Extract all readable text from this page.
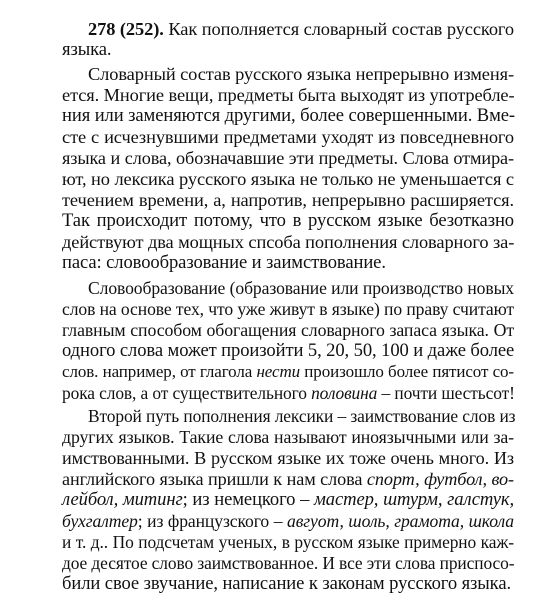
278 (252). Как пополняется словарный состав русского
языка.
Словарный состав русского языка непрерывно изменя-
ется. Многие вещи, предметы быта выходят из употребле-
ния или заменяются другими, более совершенными. Вме-
сте с исчезнувшими предметами уходят из повседневного
языка и слова, обозначавшие эти предметы. Слова отмира-
ют, но лексика русского языка не только не уменьшается с
течением времени, а, напротив, непрерывно расширяется.
Так происходит потому, что в русском языке безотказно
действуют два мощных спсоба пополнения словарного за-
паса: словообразование и заимствование.
Словообразование (образование или производство новых
слов на основе тех, что уже живут в языке) по праву считают
главным способом обогащения словарного запаса языка. От
одного слова может произойти 5, 20, 50, 100 и даже более
слов. например, от глагола нести произошло более пятисот со-
рока слов, а от существительного половина – почти шестьсот!
Второй путь пополнения лексики – заимствование слов из
других языков. Такие слова называют иноязычными или за-
имствованными. В русском языке их тоже очень много. Из
английского языка пришли к нам слова спорт, футбол, во-
лейбол, митинг; из немецкого – мастер, штурм, галстук,
бухгалтер; из французского – авгуот, шоль, грамота, школа
и т. д.. По подсчетам ученых, в русском языке примерно каж-
дое десятое слово заимствованное. И все эти слова приспосо-
били свое звучание, написание к законам русского языка.
